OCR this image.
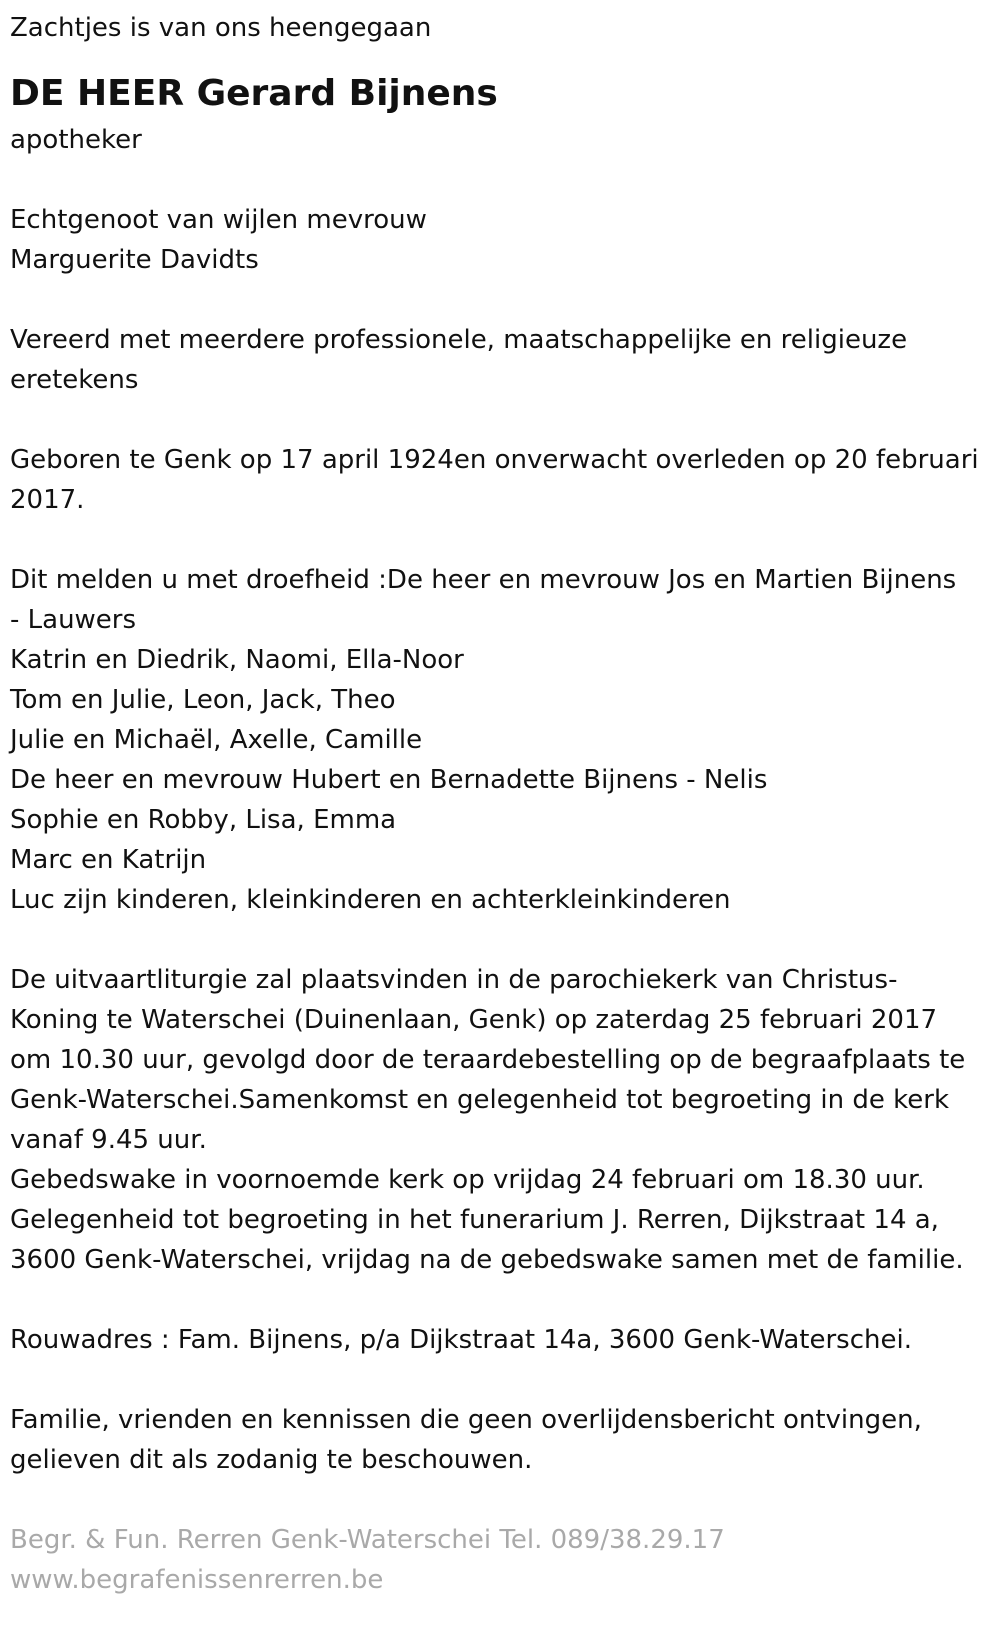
Zachtjes is van ons heengegaan

DE HEER Gerard Bijnens

apotheker

Echtgenoot van wijlen mevrouw

Marguerite Davidts

Vereerd met meerdere professionele, maatschappelijke en religieuze

eretekens

Geboren te Genk op 17 april 1924en onverwacht overleden op 20 februari

2017.

Dit melden u met droefheid :De heer en mevrouw Jos en Martien Bijnens

- Lauwers

Katrin en Diedrik, Naomi, Ella-Noor

Tom en Julie, Leon, Jack, Theo

Julie en Michaël, Axelle, Camille

De heer en mevrouw Hubert en Bernadette Bijnens - Nelis

Sophie en Robby, Lisa, Emma

Marc en Katrijn

Luc zijn kinderen, kleinkinderen en achterkleinkinderen

De uitvaartliturgie zal plaatsvinden in de parochiekerk van Christus-

Koning te Waterschei (Duinenlaan, Genk) op zaterdag 25 februari 2017

om 10.30 uur, gevolgd door de teraardebestelling op de begraafplaats te

Genk-Waterschei.Samenkomst en gelegenheid tot begroeting in de kerk

vanaf 9.45 uur.

Gebedswake in voornoemde kerk op vrijdag 24 februari om 18.30 uur.

Gelegenheid tot begroeting in het funerarium J. Rerren, Dijkstraat 14 a,

3600 Genk-Waterschei, vrijdag na de gebedswake samen met de familie.

Rouwadres : Fam. Bijnens, p/a Dijkstraat 14a, 3600 Genk-Waterschei.

Familie, vrienden en kennissen die geen overlijdensbericht ontvingen,

gelieven dit als zodanig te beschouwen.

Begr. & Fun. Rerren Genk-Waterschei Tel. 089/38.29.17

www.begrafenissenrerren.be
